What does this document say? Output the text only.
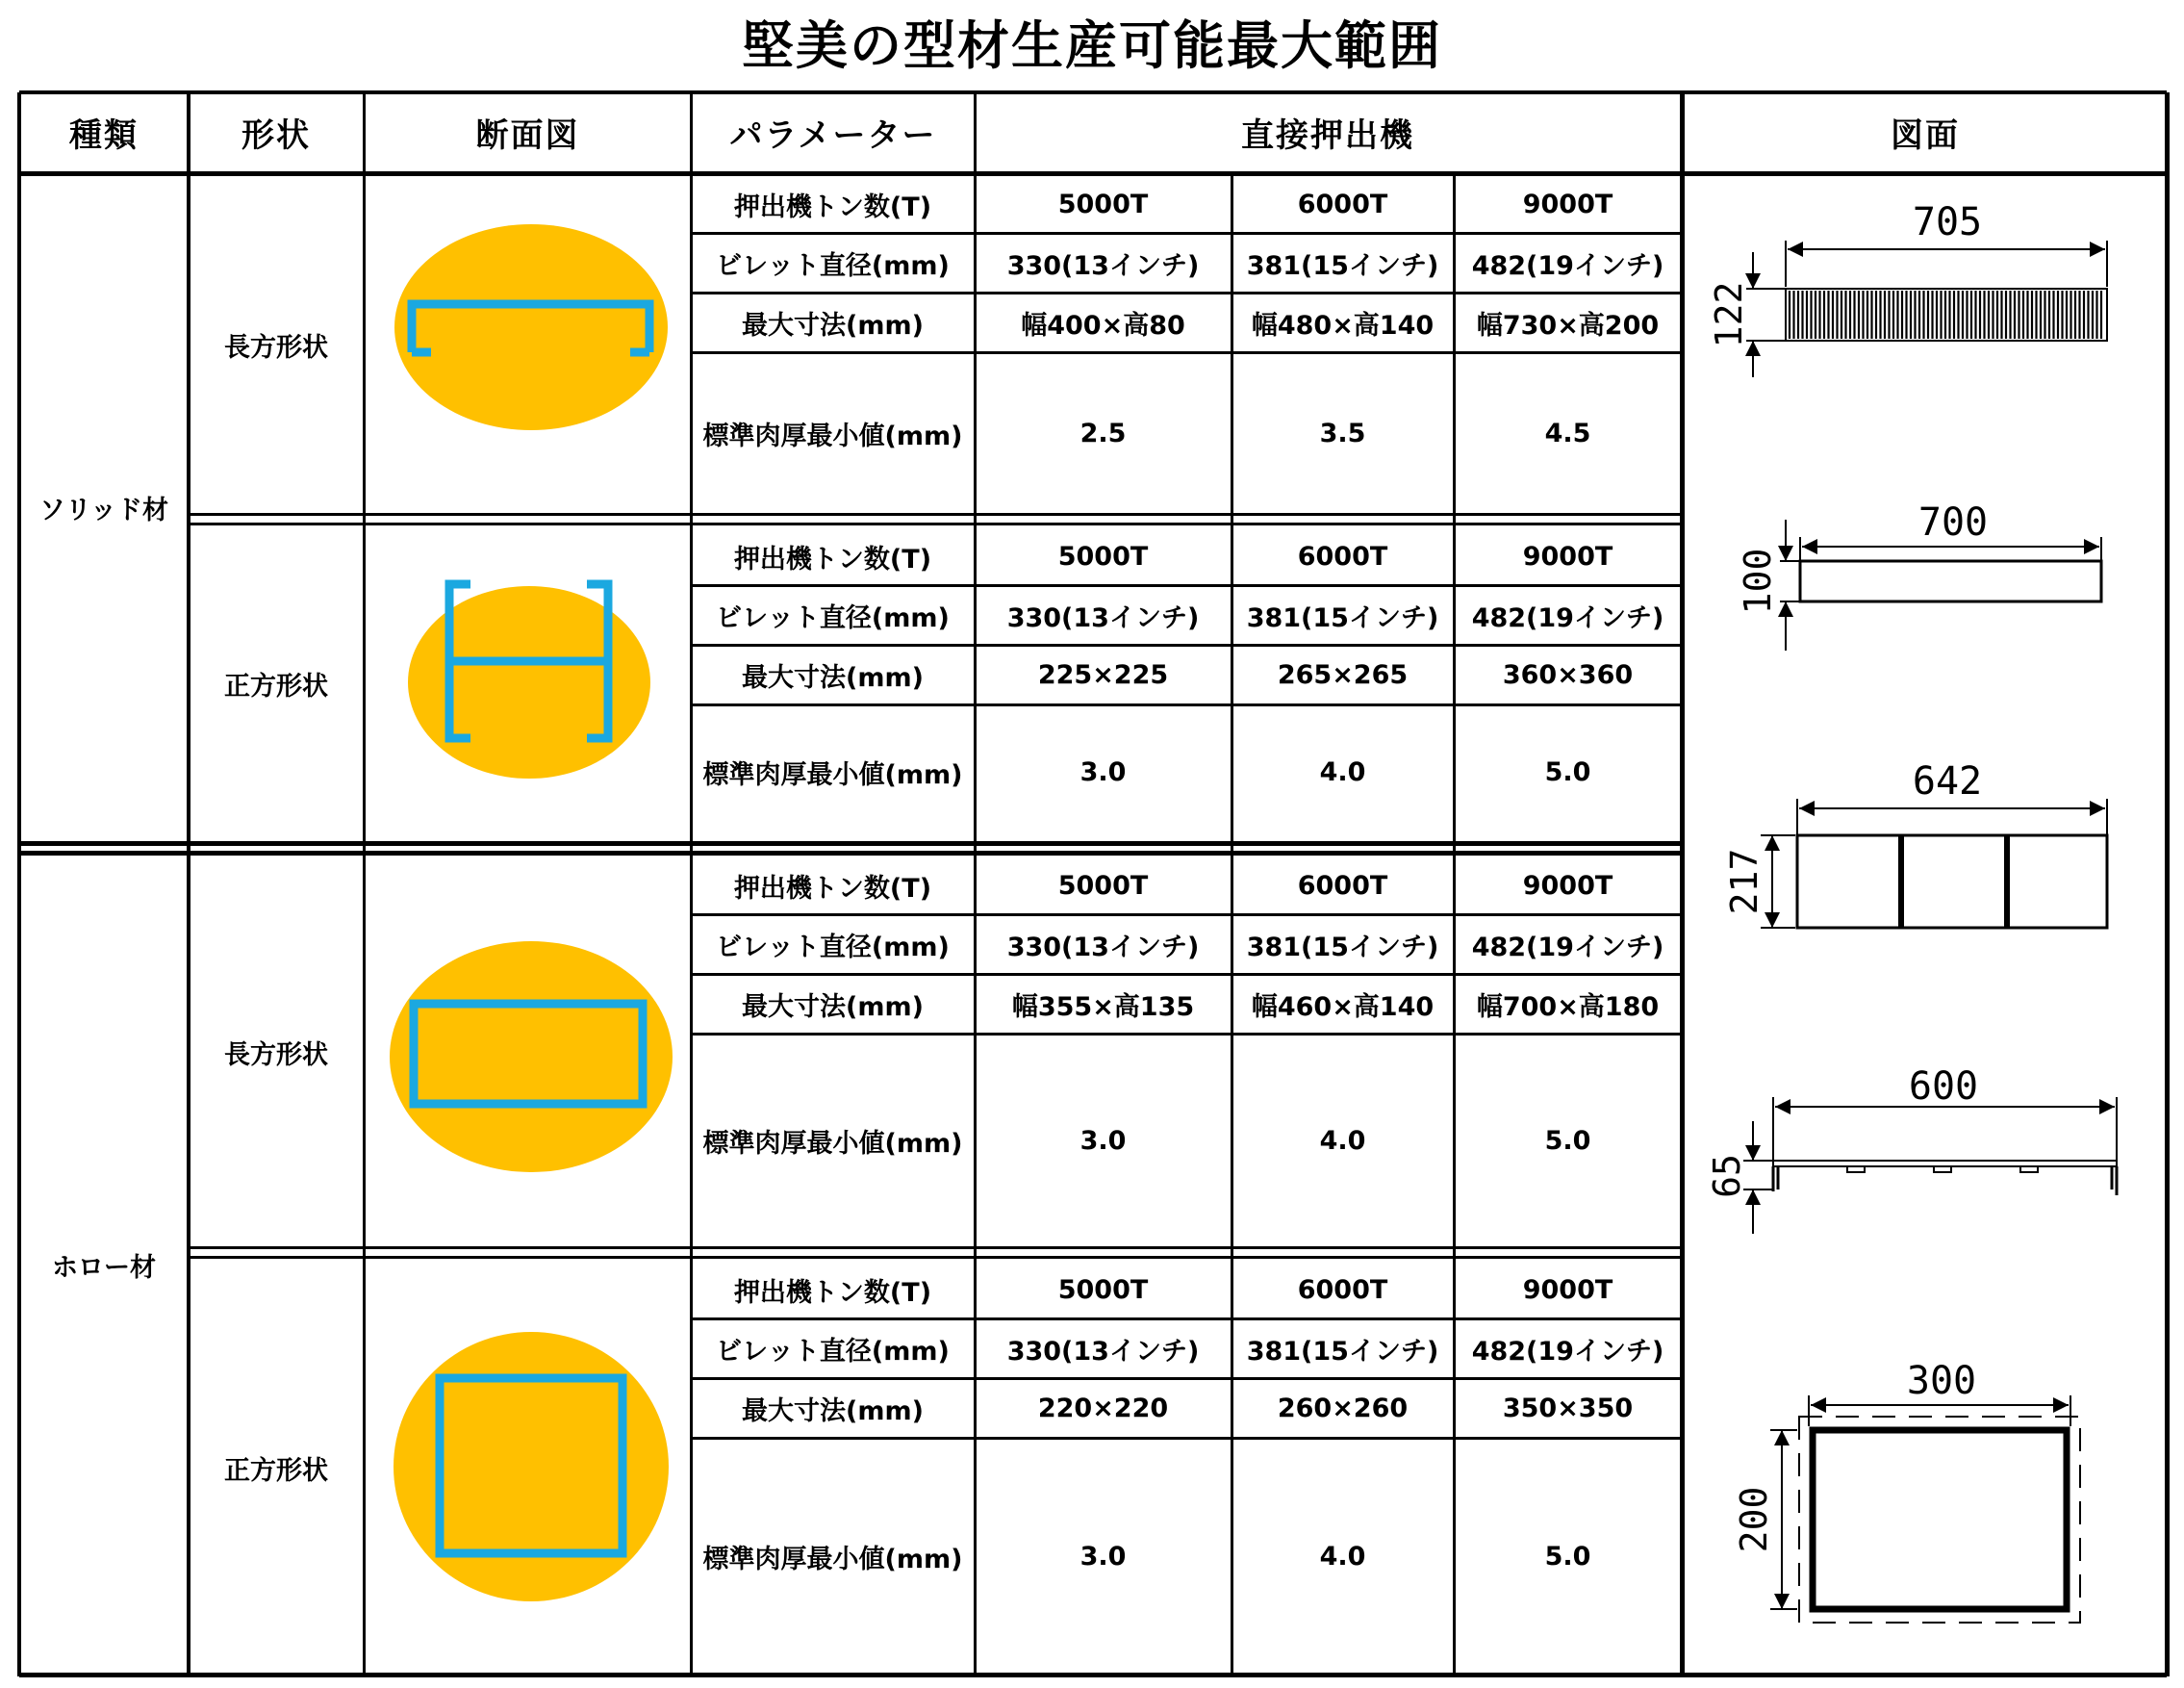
堅美の型材生産可能最大範囲
種類	形状	断面図	パラメーター	直接押出機	図面
ソリッド材
ホロー材
705
122
700
100
642
217
600
65
300
200
長方形状
押出機トン数(T)	5000T	6000T	9000T
ビレット直径(mm)	330(13インチ)	381(15インチ)	482(19インチ)
最大寸法(mm)	幅400×高80	幅480×高140	幅730×高200
標準肉厚最小値(mm)	2.5	3.5	4.5
正方形状
押出機トン数(T)	5000T	6000T	9000T
ビレット直径(mm)	330(13インチ)	381(15インチ)	482(19インチ)
最大寸法(mm)	225×225	265×265	360×360
標準肉厚最小値(mm)	3.0	4.0	5.0
長方形状
押出機トン数(T)	5000T	6000T	9000T
ビレット直径(mm)	330(13インチ)	381(15インチ)	482(19インチ)
最大寸法(mm)	幅355×高135	幅460×高140	幅700×高180
標準肉厚最小値(mm)	3.0	4.0	5.0
正方形状
押出機トン数(T)	5000T	6000T	9000T
ビレット直径(mm)	330(13インチ)	381(15インチ)	482(19インチ)
最大寸法(mm)	220×220	260×260	350×350
標準肉厚最小値(mm)	3.0	4.0	5.0
